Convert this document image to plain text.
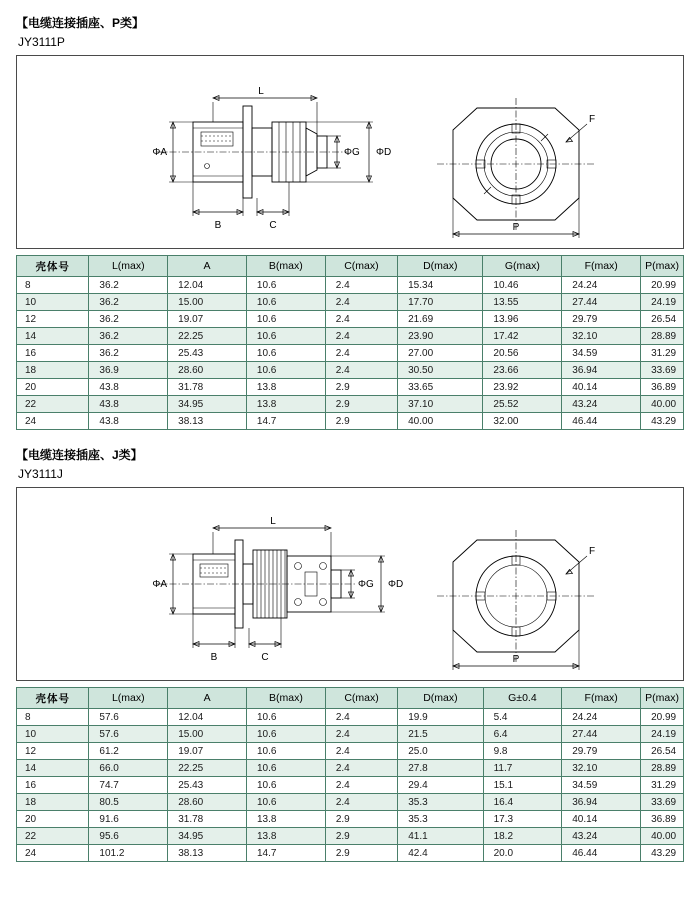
【电缆连接插座、P类】
JY3111P
L
ΦA	ΦG ΦD
B	C
F
P
壳体号	L(max)	A	B(max)	C(max)	D(max)	G(max)	F(max)	P(max)
8	36.2	12.04	10.6	2.4	15.34	10.46	24.24	20.99
10	36.2	15.00	10.6	2.4	17.70	13.55	27.44	24.19
12	36.2	19.07	10.6	2.4	21.69	13.96	29.79	26.54
14	36.2	22.25	10.6	2.4	23.90	17.42	32.10	28.89
16	36.2	25.43	10.6	2.4	27.00	20.56	34.59	31.29
18	36.9	28.60	10.6	2.4	30.50	23.66	36.94	33.69
20	43.8	31.78	13.8	2.9	33.65	23.92	40.14	36.89
22	43.8	34.95	13.8	2.9	37.10	25.52	43.24	40.00
24	43.8	38.13	14.7	2.9	40.00	32.00	46.44	43.29
【电缆连接插座、J类】
JY3111J
L
ΦA	ΦG ΦD
B	C
F
P
壳体号	L(max)	A	B(max)	C(max)	D(max)	G±0.4	F(max)	P(max)
8	57.6	12.04	10.6	2.4	19.9	5.4	24.24	20.99
10	57.6	15.00	10.6	2.4	21.5	6.4	27.44	24.19
12	61.2	19.07	10.6	2.4	25.0	9.8	29.79	26.54
14	66.0	22.25	10.6	2.4	27.8	11.7	32.10	28.89
16	74.7	25.43	10.6	2.4	29.4	15.1	34.59	31.29
18	80.5	28.60	10.6	2.4	35.3	16.4	36.94	33.69
20	91.6	31.78	13.8	2.9	35.3	17.3	40.14	36.89
22	95.6	34.95	13.8	2.9	41.1	18.2	43.24	40.00
24	101.2	38.13	14.7	2.9	42.4	20.0	46.44	43.29
